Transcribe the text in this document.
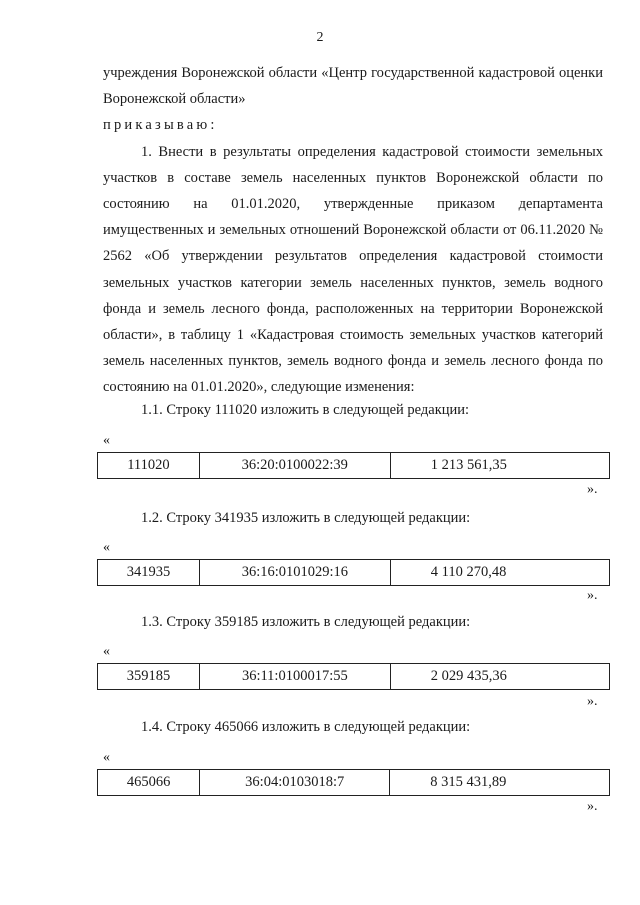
2

учреждения Воронежской области «Центр государственной кадастровой оценки Воронежской области»

приказываю:

1. Внести в результаты определения кадастровой стоимости земельных участков в составе земель населенных пунктов Воронежской области по состоянию на 01.01.2020, утвержденные приказом департамента имущественных и земельных отношений Воронежской области от 06.11.2020 № 2562 «Об утверждении результатов определения кадастровой стоимости земельных участков категории земель населенных пунктов, земель водного фонда и земель лесного фонда, расположенных на территории Воронежской области», в таблицу 1 «Кадастровая стоимость земельных участков категорий земель населенных пунктов, земель водного фонда и земель лесного фонда по состоянию на 01.01.2020», следующие изменения:

1.1. Строку 111020 изложить в следующей редакции:
«
111020	36:20:0100022:39	1 213 561,35
».
1.2. Строку 341935 изложить в следующей редакции:
«
341935	36:16:0101029:16	4 110 270,48
».
1.3. Строку 359185 изложить в следующей редакции:
«
359185	36:11:0100017:55	2 029 435,36
».
1.4. Строку 465066 изложить в следующей редакции:
«
465066	36:04:0103018:7	8 315 431,89
».
